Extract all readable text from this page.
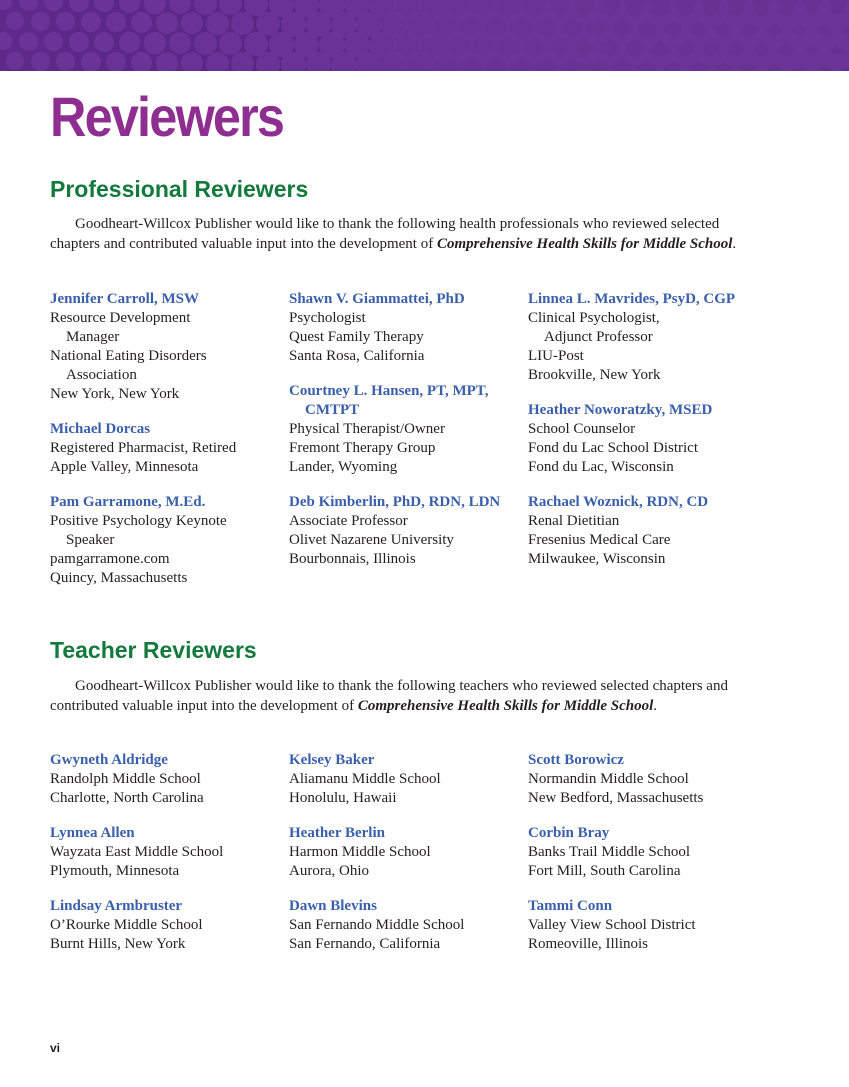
Reviewers
Professional Reviewers

Goodheart-Willcox Publisher would like to thank the following health professionals who reviewed selected chapters and contributed valuable input into the development of Comprehensive Health Skills for Middle School.

Jennifer Carroll, MSW
Resource Development
Manager
National Eating Disorders
Association
New York, New York
Michael Dorcas
Registered Pharmacist, Retired
Apple Valley, Minnesota
Pam Garramone, M.Ed.
Positive Psychology Keynote
Speaker
pamgarramone.com
Quincy, Massachusetts
Shawn V. Giammattei, PhD
Psychologist
Quest Family Therapy
Santa Rosa, California
Courtney L. Hansen, PT, MPT,
CMTPT
Physical Therapist/Owner
Fremont Therapy Group
Lander, Wyoming
Deb Kimberlin, PhD, RDN, LDN
Associate Professor
Olivet Nazarene University
Bourbonnais, Illinois
Linnea L. Mavrides, PsyD, CGP
Clinical Psychologist,
Adjunct Professor
LIU-Post
Brookville, New York
Heather Noworatzky, MSED
School Counselor
Fond du Lac School District
Fond du Lac, Wisconsin
Rachael Woznick, RDN, CD
Renal Dietitian
Fresenius Medical Care
Milwaukee, Wisconsin
Teacher Reviewers

Goodheart-Willcox Publisher would like to thank the following teachers who reviewed selected chapters and contributed valuable input into the development of Comprehensive Health Skills for Middle School.

Gwyneth Aldridge
Randolph Middle School
Charlotte, North Carolina
Lynnea Allen
Wayzata East Middle School
Plymouth, Minnesota
Lindsay Armbruster
O’Rourke Middle School
Burnt Hills, New York
Kelsey Baker
Aliamanu Middle School
Honolulu, Hawaii
Heather Berlin
Harmon Middle School
Aurora, Ohio
Dawn Blevins
San Fernando Middle School
San Fernando, California
Scott Borowicz
Normandin Middle School
New Bedford, Massachusetts
Corbin Bray
Banks Trail Middle School
Fort Mill, South Carolina
Tammi Conn
Valley View School District
Romeoville, Illinois
vi
